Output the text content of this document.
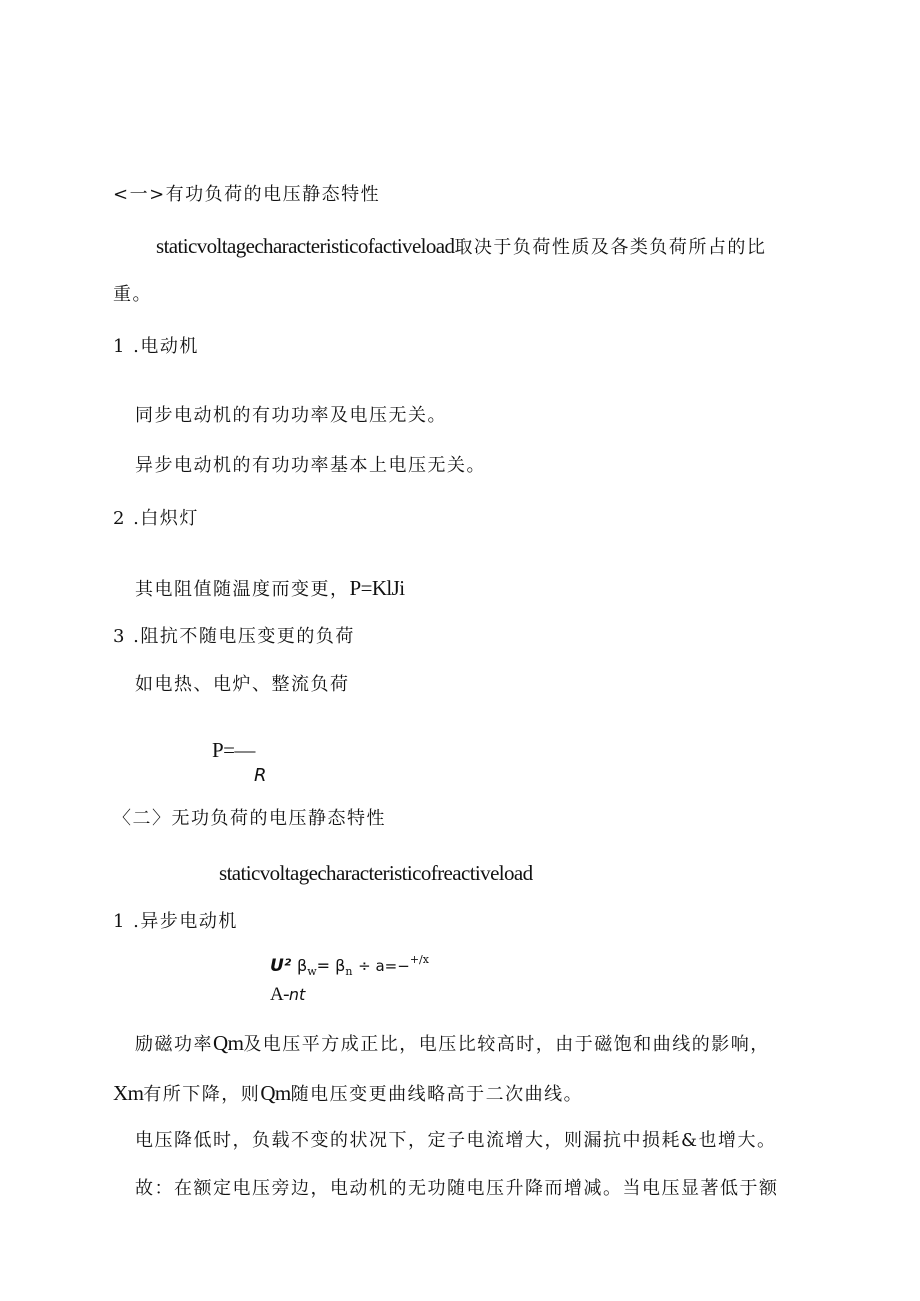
<一>有功负荷的电压静态特性
staticvoltagecharacteristicofactiveload取决于负荷性质及各类负荷所占的比
重。
1 .电动机
同步电动机的有功功率及电压无关。
异步电动机的有功功率基本上电压无关。
2 .白炽灯
其电阻值随温度而变更，P=KlJi
3 .阻抗不随电压变更的负荷
如电热、电炉、整流负荷
P=—
R
〈二〉无功负荷的电压静态特性
staticvoltagecharacteristicofreactiveload
1 .异步电动机
U² $\beta_w= \beta_n \div a=-^{+/x}$
A-nt
励磁功率Qm及电压平方成正比，电压比较高时，由于磁饱和曲线的影响，
Xm有所下降，则Qm随电压变更曲线略高于二次曲线。
电压降低时，负载不变的状况下，定子电流增大，则漏抗中损耗&也增大。
故：在额定电压旁边，电动机的无功随电压升降而增减。当电压显著低于额
